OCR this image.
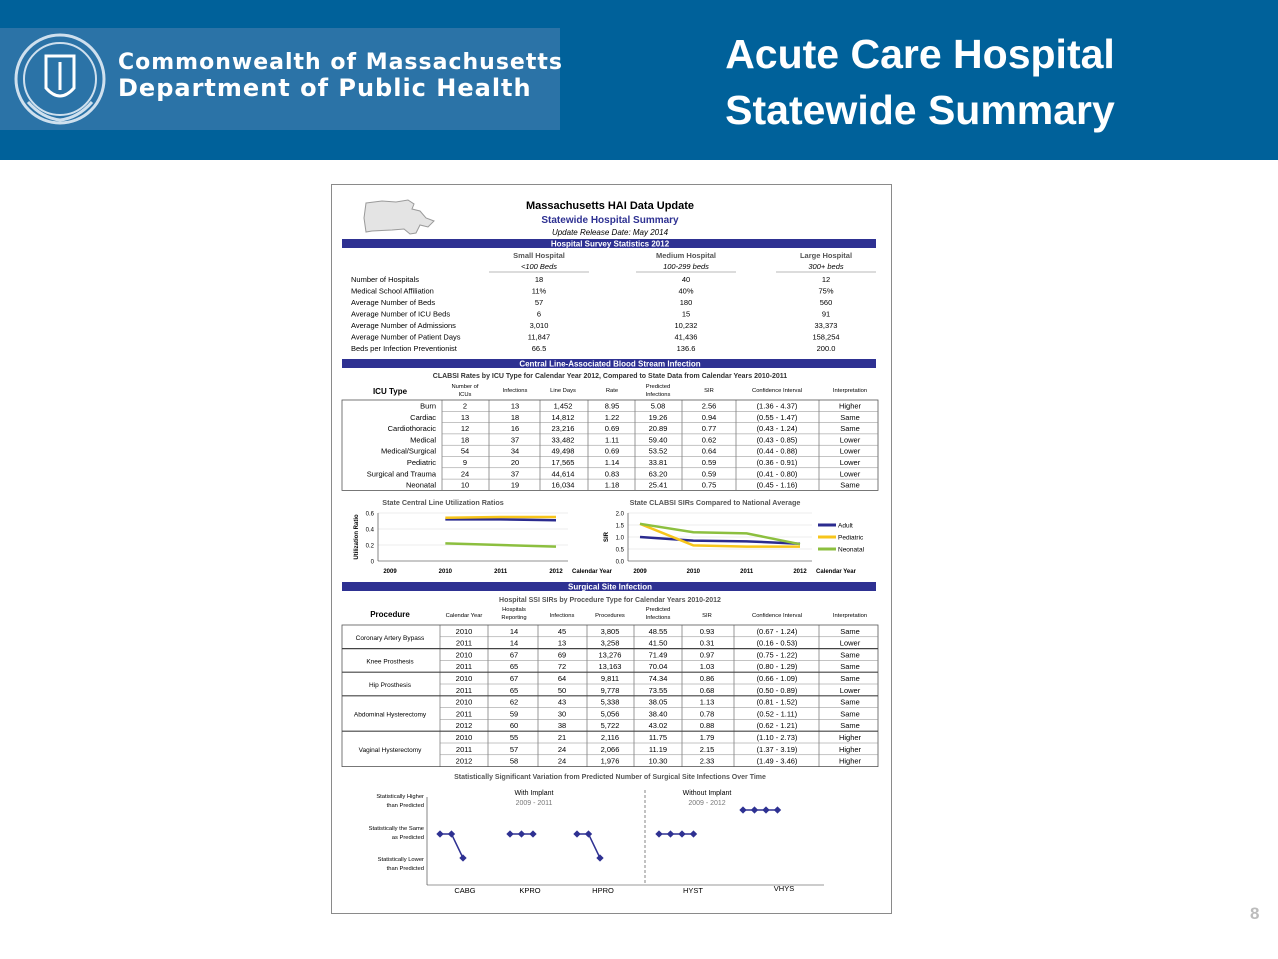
Commonwealth of Massachusetts
Department of Public Health
Acute Care Hospital
Statewide Summary
Massachusetts HAI Data Update
Statewide Hospital Summary
Update Release Date: May 2014
Hospital Survey Statistics 2012
Small Hospital
<100 Beds
Medium Hospital
100-299 beds
Large Hospital
300+ beds
Number of Hospitals	18	40	12
Medical School Affiliation	11%	40%	75%
Average Number of Beds	57	180	560
Average Number of ICU Beds	6	15	91
Average Number of Admissions	3,010	10,232	33,373
Average Number of Patient Days	11,847	41,436	158,254
Beds per Infection Preventionist	66.5	136.6	200.0
Central Line-Associated Blood Stream Infection
CLABSI Rates by ICU Type for Calendar Year 2012, Compared to State Data from Calendar Years 2010-2011
ICU Type	Number of
ICUs
Infections	Line Days	Rate
Predicted
Infections
SIR	Confidence Interval	Interpretation
Burn	2	13	1,452	8.95	5.08	2.56	(1.36 - 4.37)	Higher
Cardiac	13	18	14,812	1.22	19.26	0.94	(0.55 - 1.47)	Same
Cardiothoracic	12	16	23,216	0.69	20.89	0.77	(0.43 - 1.24)	Same
Medical	18	37	33,482	1.11	59.40	0.62	(0.43 - 0.85)	Lower
Medical/Surgical	54	34	49,498	0.69	53.52	0.64	(0.44 - 0.88)	Lower
Pediatric	9	20	17,565	1.14	33.81	0.59	(0.36 - 0.91)	Lower
Surgical and Trauma	24	37	44,614	0.83	63.20	0.59	(0.41 - 0.80)	Lower
Neonatal	10	19	16,034	1.18	25.41	0.75	(0.45 - 1.16)	Same
State Central Line Utilization Ratios
0
0.2
0.4
0.6
2009	2010	2011	2012 Calendar Year
Utilization Ratio
State CLABSI SIRs Compared to National Average
0.0
0.5
1.0
1.5
2.0
2009	2010	2011	2012 Calendar Year
SIR
Adult
Pediatric
Neonatal
Surgical Site Infection
Hospital SSI SIRs by Procedure Type for Calendar Years 2010-2012
Procedure	Calendar Year
Hospitals
Reporting	Infections	Procedures
Predicted
Infections	SIR	Confidence Interval	Interpretation
Coronary Artery Bypass
2010	14	45	3,805	48.55	0.93	(0.67 - 1.24)	Same
2011	14	13	3,258	41.50	0.31	(0.16 - 0.53)	Lower
Knee Prosthesis
2010	67	69	13,276	71.49	0.97	(0.75 - 1.22)	Same
2011	65	72	13,163	70.04	1.03	(0.80 - 1.29)	Same
Hip Prosthesis
2010	67	64	9,811	74.34	0.86	(0.66 - 1.09)	Same
2011	65	50	9,778	73.55	0.68	(0.50 - 0.89)	Lower
Abdominal Hysterectomy
2010	62	43	5,338	38.05	1.13	(0.81 - 1.52)	Same
2011	59	30	5,056	38.40	0.78	(0.52 - 1.11)	Same
2012	60	38	5,722	43.02	0.88	(0.62 - 1.21)	Same
Vaginal Hysterectomy
2010	55	21	2,116	11.75	1.79	(1.10 - 2.73)	Higher
2011	57	24	2,066	11.19	2.15	(1.37 - 3.19)	Higher
2012	58	24	1,976	10.30	2.33	(1.49 - 3.46)	Higher
Statistically Significant Variation from Predicted Number of Surgical Site Infections Over Time
Statistically Higher
than Predicted
Statistically the Same
as Predicted
Statistically Lower
than Predicted
With Implant
2009 - 2011
Without Implant
2009 - 2012
CABG	KPRO	HPRO	HYST	VHYS
8
